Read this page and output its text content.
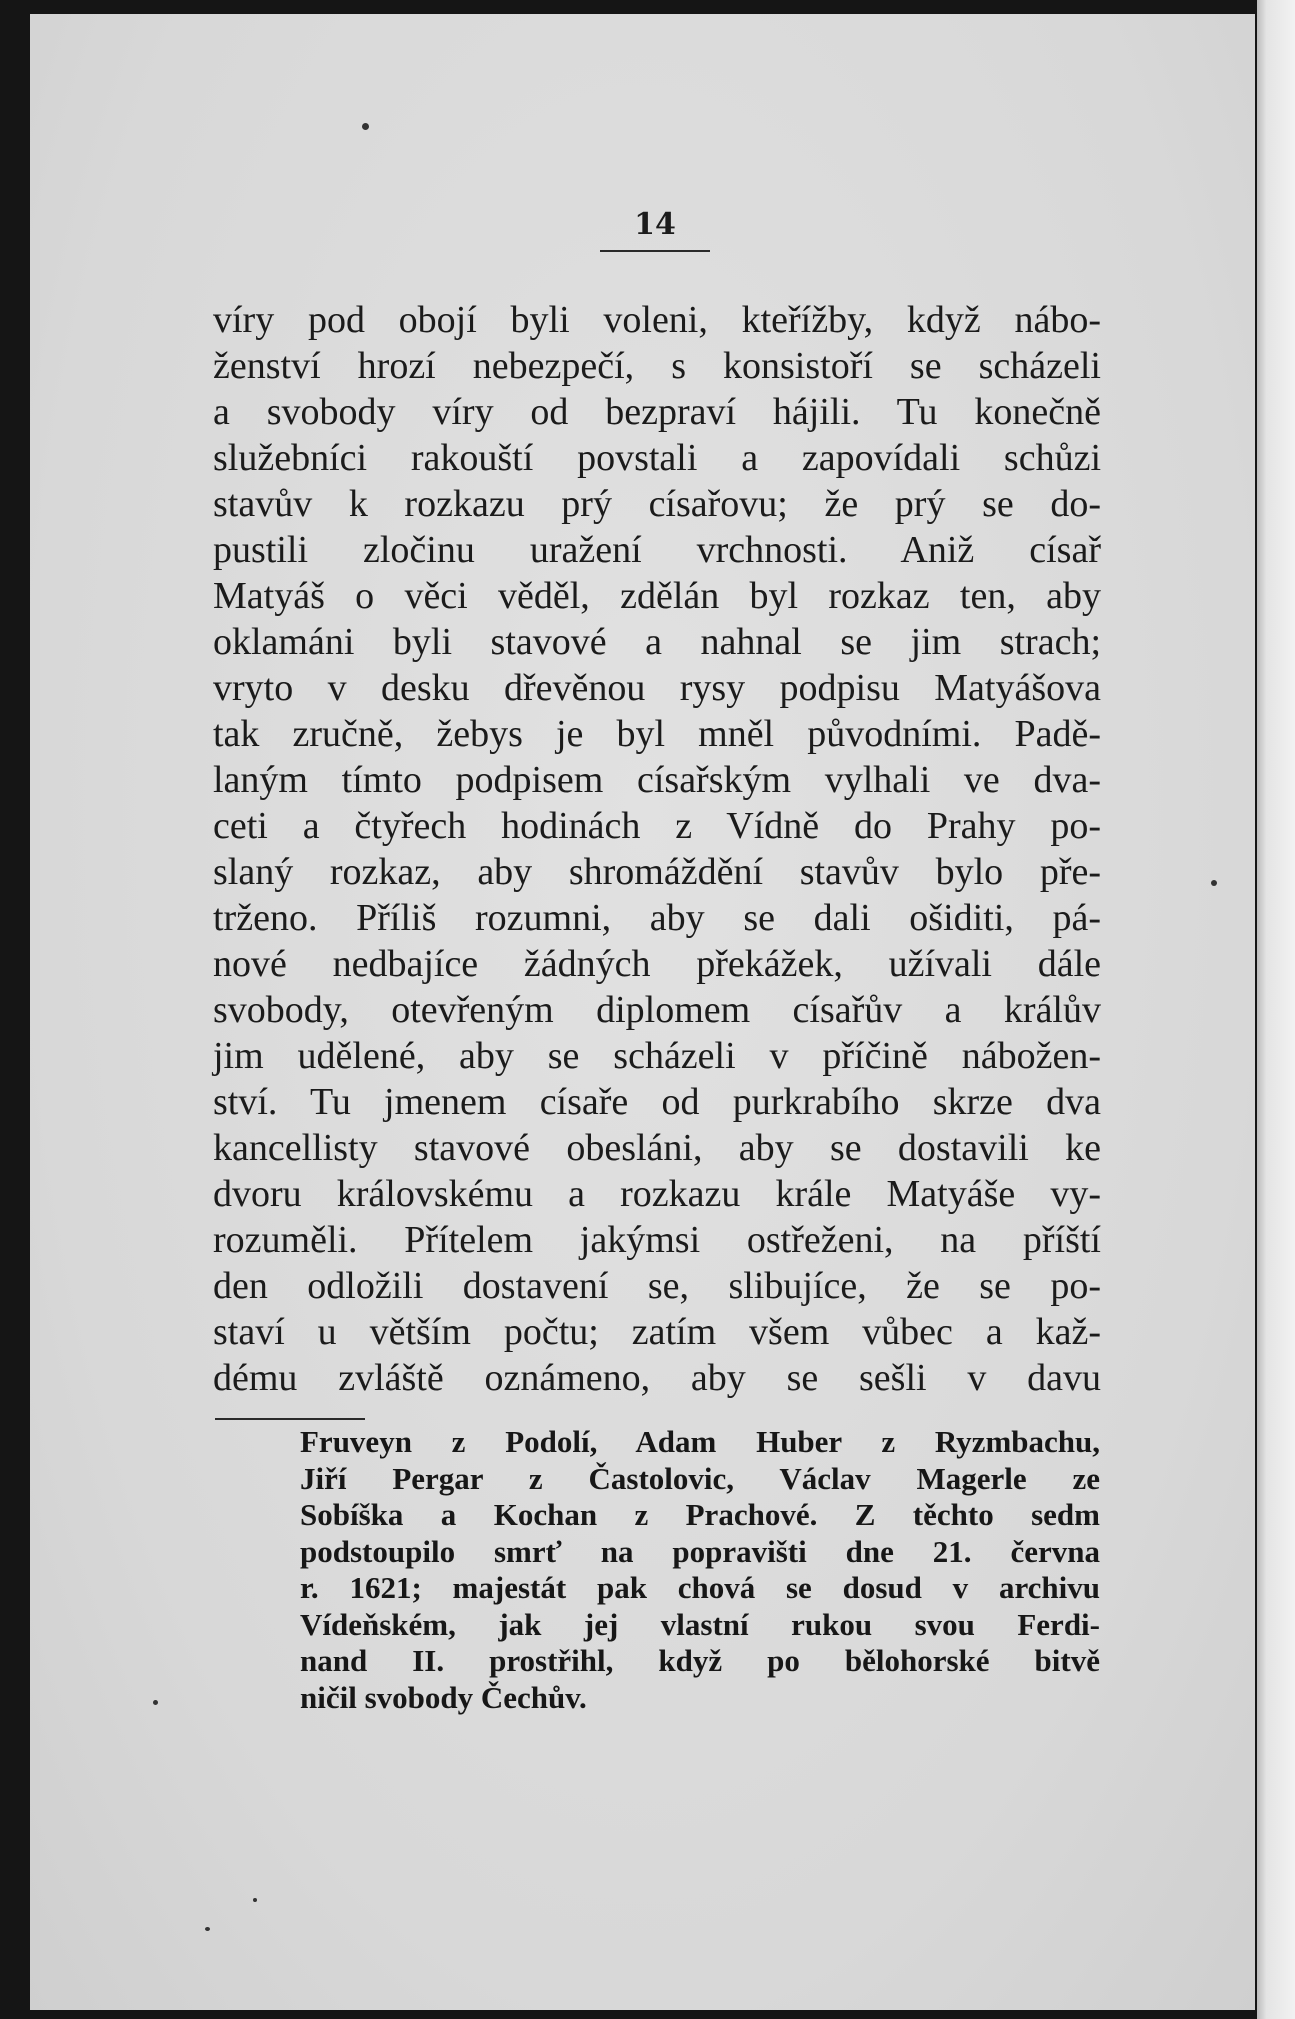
14
víry pod obojí byli voleni, kteřížby, když nábo-
ženství hrozí nebezpečí, s konsistoří se scházeli
a svobody víry od bezpraví hájili. Tu konečně
služebníci rakouští povstali a zapovídali schůzi
stavův k rozkazu prý císařovu; že prý se do-
pustili zločinu uražení vrchnosti. Aniž císař
Matyáš o věci věděl, zdělán byl rozkaz ten, aby
oklamáni byli stavové a nahnal se jim strach;
vryto v desku dřevěnou rysy podpisu Matyášova
tak zručně, žebys je byl mněl původními. Padě-
laným tímto podpisem císařským vylhali ve dva-
ceti a čtyřech hodinách z Vídně do Prahy po-
slaný rozkaz, aby shromáždění stavův bylo pře-
trženo. Příliš rozumni, aby se dali ošiditi, pá-
nové nedbajíce žádných překážek, užívali dále
svobody, otevřeným diplomem císařův a králův
jim udělené, aby se scházeli v příčině nábožen-
ství. Tu jmenem císaře od purkrabího skrze dva
kancellisty stavové obesláni, aby se dostavili ke
dvoru královskému a rozkazu krále Matyáše vy-
rozuměli. Přítelem jakýmsi ostřeženi, na příští
den odložili dostavení se, slibujíce, že se po-
staví u větším počtu; zatím všem vůbec a kaž-
dému zvláště oznámeno, aby se sešli v davu
Fruveyn z Podolí, Adam Huber z Ryzmbachu,
Jiří Pergar z Častolovic, Václav Magerle ze
Sobíška a Kochan z Prachové. Z těchto sedm
podstoupilo smrť na popravišti dne 21. června
r. 1621; majestát pak chová se dosud v archivu
Vídeňském, jak jej vlastní rukou svou Ferdi-
nand II. prostřihl, když po bělohorské bitvě
ničil svobody Čechův.
